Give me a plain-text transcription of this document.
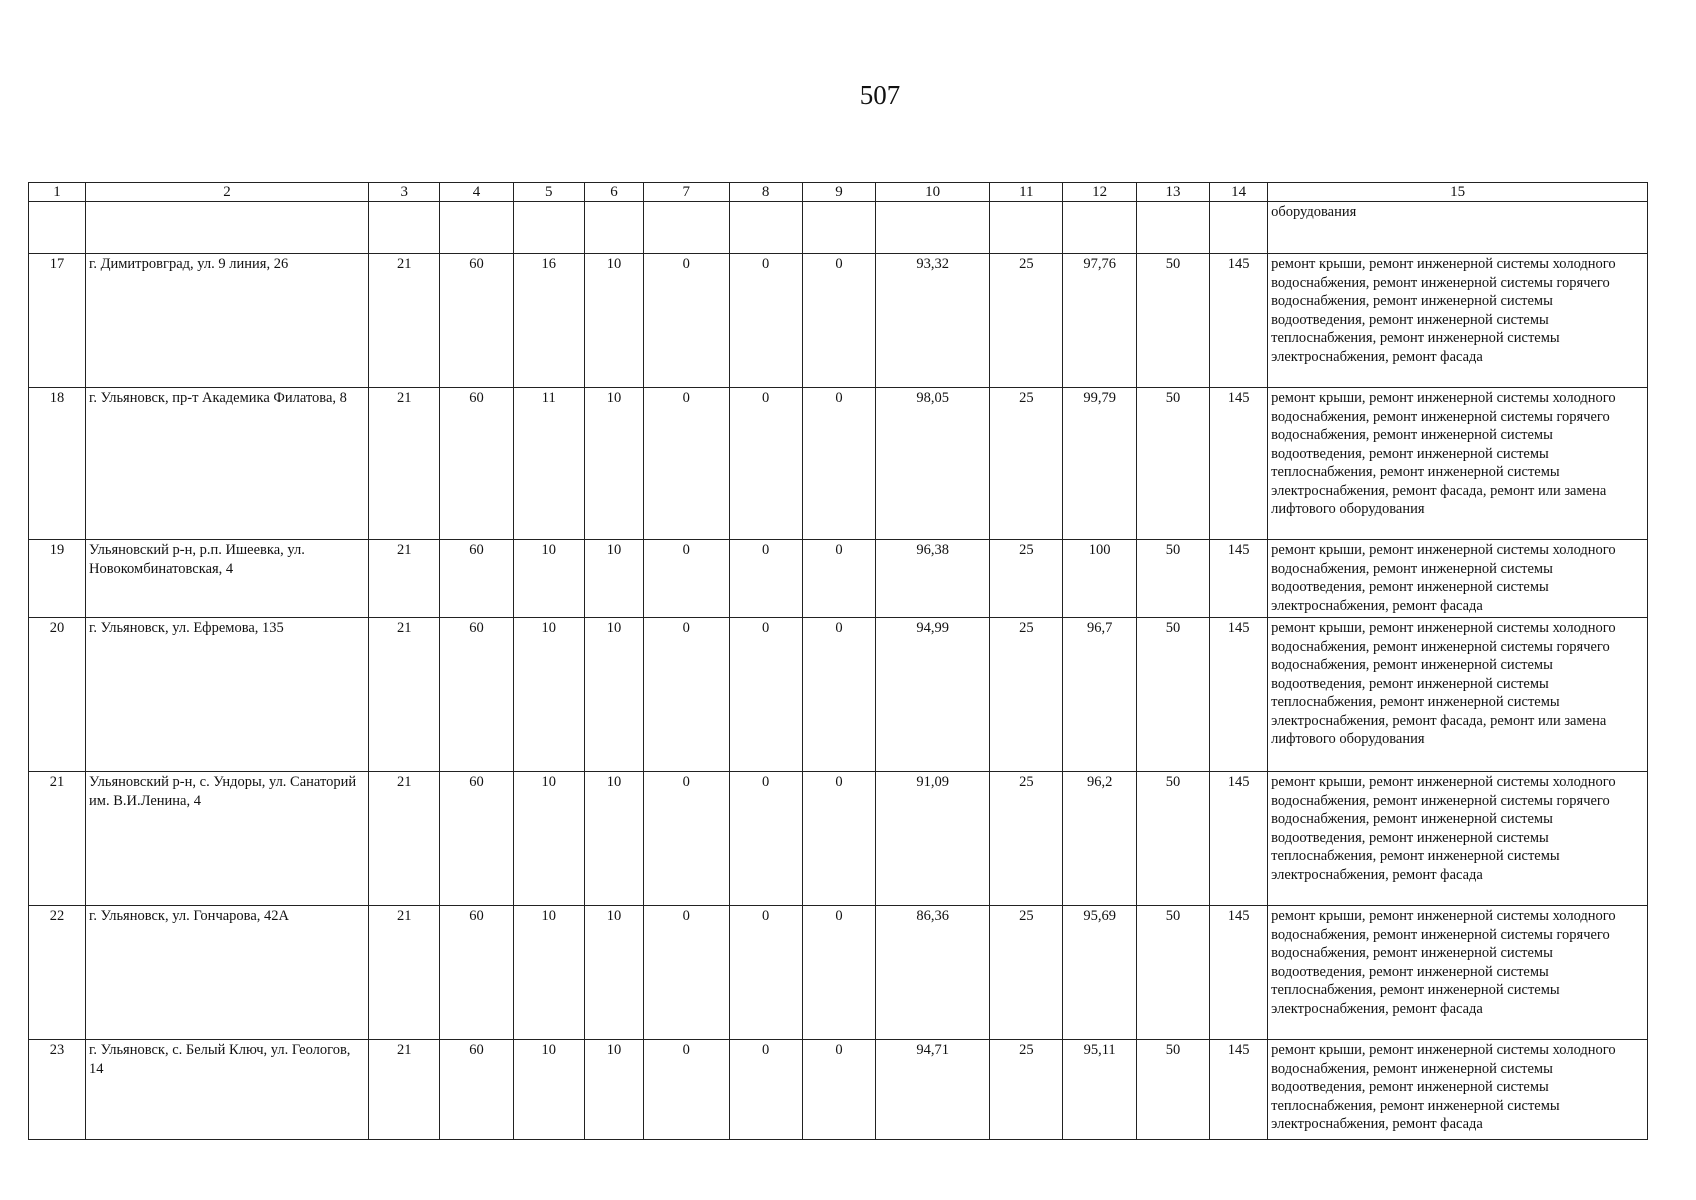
507
1	2	3	4	5	6	7	8	9	10	11	12	13	14	15
														оборудования
17	г. Димитровград, ул. 9 линия, 26	21	60	16	10	0	0	0	93,32	25	97,76	50	145	ремонт крыши, ремонт инженерной системы холодного водоснабжения, ремонт инженерной системы горячего водоснабжения, ремонт инженерной системы водоотведения, ремонт инженерной системы теплоснабжения, ремонт инженерной системы электроснабжения, ремонт фасада
18	г. Ульяновск, пр-т Академика Филатова, 8	21	60	11	10	0	0	0	98,05	25	99,79	50	145	ремонт крыши, ремонт инженерной системы холодного водоснабжения, ремонт инженерной системы горячего водоснабжения, ремонт инженерной системы водоотведения, ремонт инженерной системы теплоснабжения, ремонт инженерной системы электроснабжения, ремонт фасада, ремонт или замена лифтового оборудования
19	Ульяновский р-н, р.п. Ишеевка, ул. Новокомбинатовская, 4	21	60	10	10	0	0	0	96,38	25	100	50	145	ремонт крыши, ремонт инженерной системы холодного водоснабжения, ремонт инженерной системы водоотведения, ремонт инженерной системы электроснабжения, ремонт фасада
20	г. Ульяновск, ул. Ефремова, 135	21	60	10	10	0	0	0	94,99	25	96,7	50	145	ремонт крыши, ремонт инженерной системы холодного водоснабжения, ремонт инженерной системы горячего водоснабжения, ремонт инженерной системы водоотведения, ремонт инженерной системы теплоснабжения, ремонт инженерной системы электроснабжения, ремонт фасада, ремонт или замена лифтового оборудования
21	Ульяновский р-н, с. Ундоры, ул. Санаторий им. В.И.Ленина, 4	21	60	10	10	0	0	0	91,09	25	96,2	50	145	ремонт крыши, ремонт инженерной системы холодного водоснабжения, ремонт инженерной системы горячего водоснабжения, ремонт инженерной системы водоотведения, ремонт инженерной системы теплоснабжения, ремонт инженерной системы электроснабжения, ремонт фасада
22	г. Ульяновск, ул. Гончарова, 42А	21	60	10	10	0	0	0	86,36	25	95,69	50	145	ремонт крыши, ремонт инженерной системы холодного водоснабжения, ремонт инженерной системы горячего водоснабжения, ремонт инженерной системы водоотведения, ремонт инженерной системы теплоснабжения, ремонт инженерной системы электроснабжения, ремонт фасада
23	г. Ульяновск, с. Белый Ключ, ул. Геологов, 14	21	60	10	10	0	0	0	94,71	25	95,11	50	145	ремонт крыши, ремонт инженерной системы холодного водоснабжения, ремонт инженерной системы водоотведения, ремонт инженерной системы теплоснабжения, ремонт инженерной системы электроснабжения, ремонт фасада
